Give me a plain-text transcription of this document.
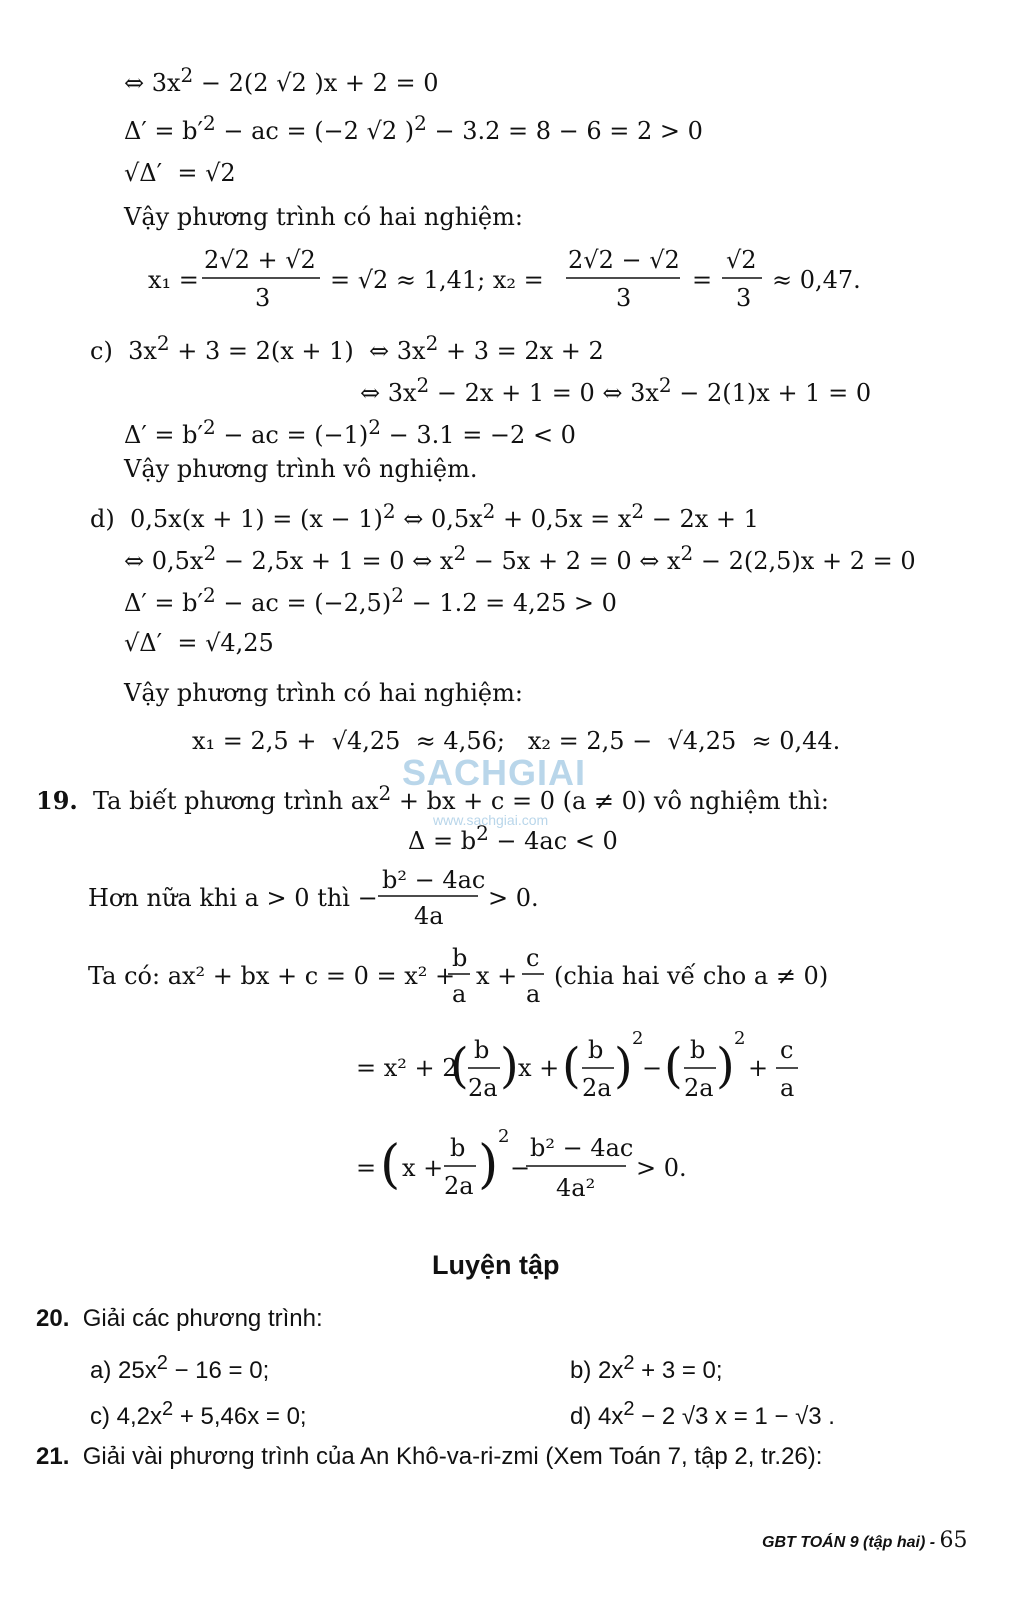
SACHGIAI
www.sachgiai.com
⇔ $3x^2 - 2(2$ √2 )x + 2 = 0
$\Delta' = b'^2$ − ac = (−2 √2 )$^2$ − 3.2 = 8 − 6 = 2 > 0
√Δ′  = √2
Vậy phương trình có hai nghiệm:
x₁ =
2√2 + √2
3
= √2 ≈ 1,41; x₂ =
2√2 − √2
3
=
√2
3
≈ 0,47.
c)  $3x^2 + 3 = 2(x + 1)$  ⇔ $3x^2 + 3 = 2x + 2$
⇔ $3x^2 - 2x + 1 = 0$ ⇔ $3x^2 - 2(1)x + 1 = 0$
$\Delta' = b'^2$ − ac = $(-1)^2 - 3.1 = -2 < 0$
Vậy phương trình vô nghiệm.
d)  $0,5x(x + 1) = (x - 1)^2$ ⇔ $0,5x^2 + 0,5x = x^2 - 2x + 1$
⇔ $0,5x^2 - 2,5x + 1 = 0$ ⇔ $x^2 - 5x + 2 = 0$ ⇔ $x^2 - 2(2,5)x + 2 = 0$
$\Delta' = b'^2$ − ac = $(-2,5)^2 - 1.2 = 4,25 > 0$
√Δ′  = √4,25
Vậy phương trình có hai nghiệm:
x₁ = 2,5 +  √4,25  ≈ 4,56;   x₂ = 2,5 −  √4,25  ≈ 0,44.
19.  Ta biết phương trình $ax^2$ + bx + c = 0 (a ≠ 0) vô nghiệm thì:
$\Delta = b^2 - 4ac < 0$
Hơn nữa khi a > 0 thì −
b² − 4ac
4a
> 0.
Ta có: ax² + bx + c = 0 = x² +
b
a
x +
c
a
(chia hai vế cho a ≠ 0)
= x² + 2
( b
2a ) x + ( b
2a ) 2
− ( b
2a ) 2
+
c
a
= ( x +
b
2a ) 2
−
b² − 4ac
4a²
> 0.
Luyện tập
20. Giải các phương trình:
a) $25x^2 - 16 = 0$;	b) $2x^2 + 3 = 0$;
c) $4,2x^2 + 5,46x = 0$;	d) $4x^2 - 2$ √3 x = 1 − √3 .
21. Giải vài phương trình của An Khô-va-ri-zmi (Xem Toán 7, tập 2, tr.26):
GBT TOÁN 9 (tập hai) - 65
